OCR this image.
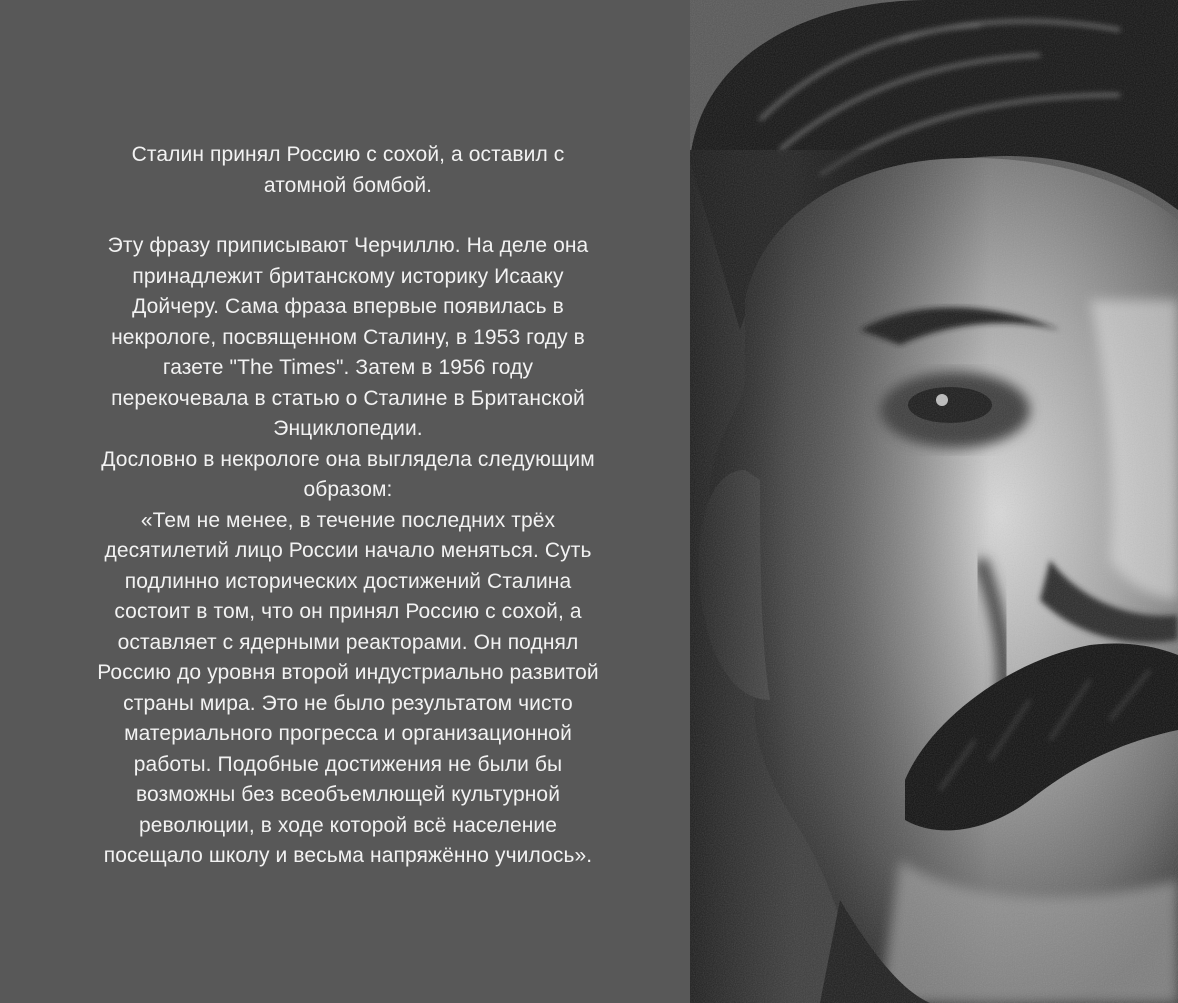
Сталин принял Россию с сохой, а оставил с
атомной бомбой.
Эту фразу приписывают Черчиллю. На деле она
принадлежит британскому историку Исааку
Дойчеру. Сама фраза впервые появилась в
некрологе, посвященном Сталину, в 1953 году в
газете "The Times". Затем в 1956 году
перекочевала в статью о Сталине в Британской
Энциклопедии.
Дословно в некрологе она выглядела следующим
образом:
«Тем не менее, в течение последних трёх
десятилетий лицо России начало меняться. Суть
подлинно исторических достижений Сталина
состоит в том, что он принял Россию с сохой, а
оставляет с ядерными реакторами. Он поднял
Россию до уровня второй индустриально развитой
страны мира. Это не было результатом чисто
материального прогресса и организационной
работы. Подобные достижения не были бы
возможны без всеобъемлющей культурной
революции, в ходе которой всё население
посещало школу и весьма напряжённо училось».
